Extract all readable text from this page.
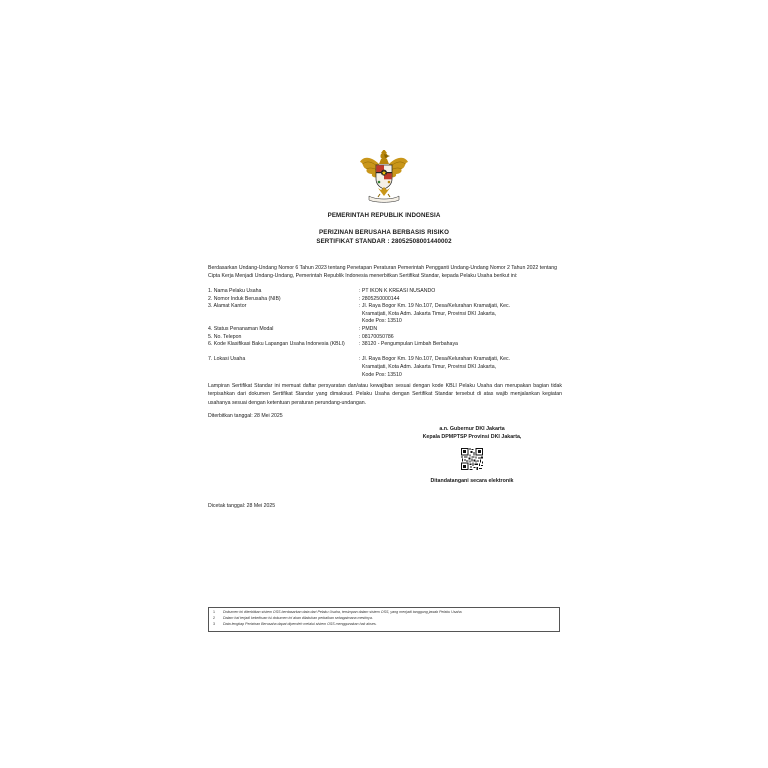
PEMERINTAH REPUBLIK INDONESIA
PERIZINAN BERUSAHA BERBASIS RISIKO
SERTIFIKAT STANDAR : 28052508001440002
Berdasarkan Undang-Undang Nomor 6 Tahun 2023 tentang Penetapan Peraturan Pemerintah Pengganti Undang-Undang Nomor 2 Tahun 2022 tentang Cipta Kerja Menjadi Undang-Undang, Pemerintah Republik Indonesia menerbitkan Sertifikat Standar, kepada Pelaku Usaha berikut ini:
1. Nama Pelaku Usaha	: PT IKON K KREASI NUSANDO
2. Nomor Induk Berusaha (NIB)	: 2805250000144
3. Alamat Kantor	: Jl. Raya Bogor Km. 19 No.107, Desa/Kelurahan Kramatjati, Kec.
Kramatjati, Kota Adm. Jakarta Timur, Provinsi DKI Jakarta,
Kode Pos: 13510
4. Status Penanaman Modal	: PMDN
5. No. Telepon	: 08170050786
6. Kode Klasifikasi Baku Lapangan Usaha Indonesia (KBLI)	: 38120 - Pengumpulan Limbah Berbahaya
7. Lokasi Usaha	: Jl. Raya Bogor Km. 19 No.107, Desa/Kelurahan Kramatjati, Kec.
Kramatjati, Kota Adm. Jakarta Timur, Provinsi DKI Jakarta,
Kode Pos: 13510
Lampiran Sertifikat Standar ini memuat daftar persyaratan dan/atau kewajiban sesuai dengan kode KBLI Pelaku Usaha dan merupakan bagian tidak terpisahkan dari dokumen Sertifikat Standar yang dimaksud. Pelaku Usaha dengan Sertifikat Standar tersebut di atas wajib menjalankan kegiatan usahanya sesuai dengan ketentuan peraturan perundang-undangan.
Diterbitkan tanggal: 28 Mei 2025
a.n. Gubernur DKI Jakarta
Kepala DPMPTSP Provinsi DKI Jakarta,
Ditandatangani secara elektronik
Dicetak tanggal: 28 Mei 2025
1	Dokumen ini diterbitkan sistem OSS berdasarkan data dari Pelaku Usaha, tersimpan dalam sistem OSS, yang menjadi tanggung jawab Pelaku Usaha.
2	Dalam hal terjadi kekeliruan isi dokumen ini akan dilakukan perbaikan sebagaimana mestinya.
3	Data lengkap Perizinan Berusaha dapat diperoleh melalui sistem OSS menggunakan hak akses.
